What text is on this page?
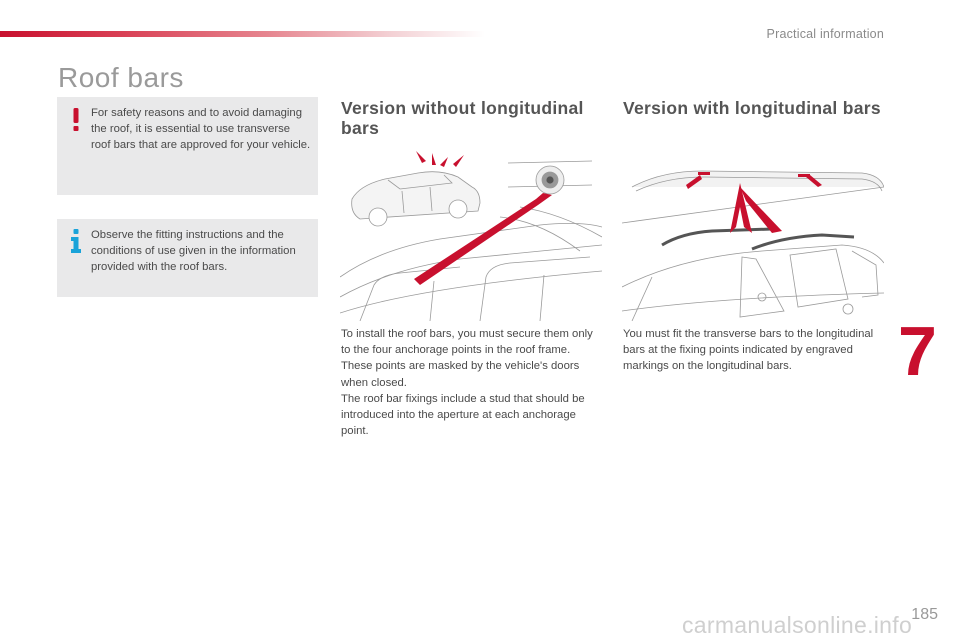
Practical information
Roof bars
For safety reasons and to avoid damaging the roof, it is essential to use transverse roof bars that are approved for your vehicle.
Observe the fitting instructions and the conditions of use given in the information provided with the roof bars.
Version without longitudinal bars
Version with longitudinal bars

To install the roof bars, you must secure them only to the four anchorage points in the roof frame. These points are masked by the vehicle's doors when closed.

The roof bar fixings include a stud that should be introduced into the aperture at each anchorage point.

You must fit the transverse bars to the longitudinal bars at the fixing points indicated by engraved markings on the longitudinal bars.	7
185
carmanualsonline.info
